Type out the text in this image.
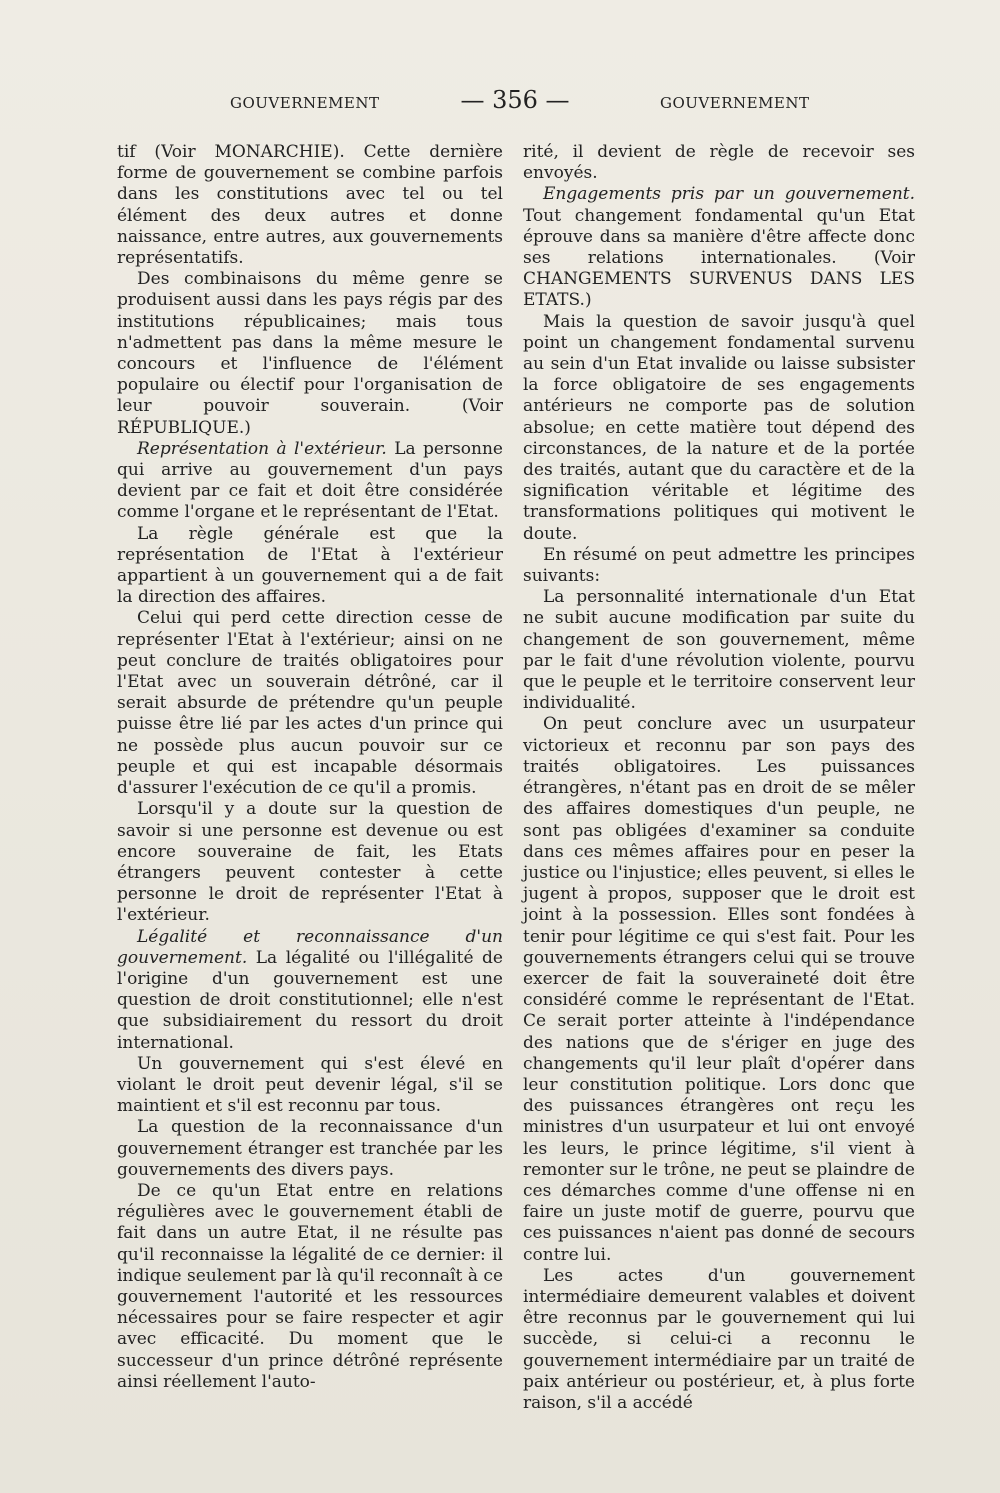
GOUVERNEMENT	— 356 —	GOUVERNEMENT

tif (Voir MONARCHIE). Cette dernière forme de gouvernement se combine parfois dans les constitutions avec tel ou tel élément des deux autres et donne naissance, entre autres, aux gouvernements représentatifs.

Des combinaisons du même genre se produisent aussi dans les pays régis par des institutions républicaines; mais tous n'admettent pas dans la même mesure le concours et l'influence de l'élément populaire ou électif pour l'organisation de leur pouvoir souverain. (Voir RÉPUBLIQUE.)

Représentation à l'extérieur. La personne qui arrive au gouvernement d'un pays devient par ce fait et doit être considérée comme l'organe et le représentant de l'Etat.

La règle générale est que la représentation de l'Etat à l'extérieur appartient à un gouvernement qui a de fait la direction des affaires.

Celui qui perd cette direction cesse de représenter l'Etat à l'extérieur; ainsi on ne peut conclure de traités obligatoires pour l'Etat avec un souverain détrôné, car il serait absurde de prétendre qu'un peuple puisse être lié par les actes d'un prince qui ne possède plus aucun pouvoir sur ce peuple et qui est incapable désormais d'assurer l'exécution de ce qu'il a promis.

Lorsqu'il y a doute sur la question de savoir si une personne est devenue ou est encore souveraine de fait, les Etats étrangers peuvent contester à cette personne le droit de représenter l'Etat à l'extérieur.

Légalité et reconnaissance d'un gouvernement. La légalité ou l'illégalité de l'origine d'un gouvernement est une question de droit constitutionnel; elle n'est que subsidiairement du ressort du droit international.

Un gouvernement qui s'est élevé en violant le droit peut devenir légal, s'il se maintient et s'il est reconnu par tous.

La question de la reconnaissance d'un gouvernement étranger est tranchée par les gouvernements des divers pays.

De ce qu'un Etat entre en relations régulières avec le gouvernement établi de fait dans un autre Etat, il ne résulte pas qu'il reconnaisse la légalité de ce dernier: il indique seulement par là qu'il reconnaît à ce gouvernement l'autorité et les ressources nécessaires pour se faire respecter et agir avec efficacité. Du moment que le successeur d'un prince détrôné représente ainsi réellement l'auto-

rité, il devient de règle de recevoir ses envoyés.

Engagements pris par un gouvernement. Tout changement fondamental qu'un Etat éprouve dans sa manière d'être affecte donc ses relations internationales. (Voir CHANGEMENTS SURVENUS DANS LES ETATS.)

Mais la question de savoir jusqu'à quel point un changement fondamental survenu au sein d'un Etat invalide ou laisse subsister la force obligatoire de ses engagements antérieurs ne comporte pas de solution absolue; en cette matière tout dépend des circonstances, de la nature et de la portée des traités, autant que du caractère et de la signification véritable et légitime des transformations politiques qui motivent le doute.

En résumé on peut admettre les principes suivants:

La personnalité internationale d'un Etat ne subit aucune modification par suite du changement de son gouvernement, même par le fait d'une révolution violente, pourvu que le peuple et le territoire conservent leur individualité.

On peut conclure avec un usurpateur victorieux et reconnu par son pays des traités obligatoires. Les puissances étrangères, n'étant pas en droit de se mêler des affaires domestiques d'un peuple, ne sont pas obligées d'examiner sa conduite dans ces mêmes affaires pour en peser la justice ou l'injustice; elles peuvent, si elles le jugent à propos, supposer que le droit est joint à la possession. Elles sont fondées à tenir pour légitime ce qui s'est fait. Pour les gouvernements étrangers celui qui se trouve exercer de fait la souveraineté doit être considéré comme le représentant de l'Etat. Ce serait porter atteinte à l'indépendance des nations que de s'ériger en juge des changements qu'il leur plaît d'opérer dans leur constitution politique. Lors donc que des puissances étrangères ont reçu les ministres d'un usurpateur et lui ont envoyé les leurs, le prince légitime, s'il vient à remonter sur le trône, ne peut se plaindre de ces démarches comme d'une offense ni en faire un juste motif de guerre, pourvu que ces puissances n'aient pas donné de secours contre lui.

Les actes d'un gouvernement intermédiaire demeurent valables et doivent être reconnus par le gouvernement qui lui succède, si celui-ci a reconnu le gouvernement intermédiaire par un traité de paix antérieur ou postérieur, et, à plus forte raison, s'il a accédé
